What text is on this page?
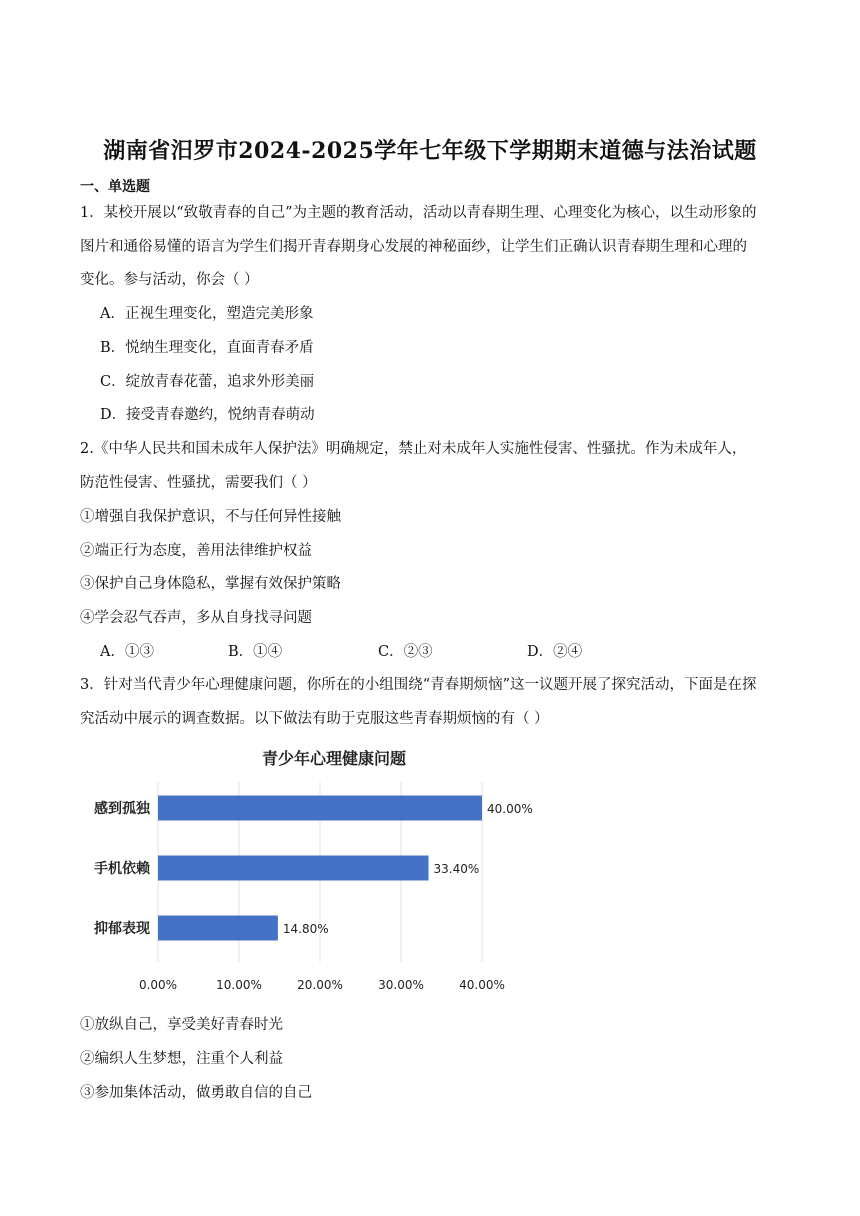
湖南省汨罗市2024-2025学年七年级下学期期末道德与法治试题
一、单选题
1．某校开展以“致敬青春的自己”为主题的教育活动，活动以青春期生理、心理变化为核心，以生动形象的
图片和通俗易懂的语言为学生们揭开青春期身心发展的神秘面纱，让学生们正确认识青春期生理和心理的
变化。参与活动，你会（ ）
A．正视生理变化，塑造完美形象
B．悦纳生理变化，直面青春矛盾
C．绽放青春花蕾，追求外形美丽
D．接受青春邀约，悦纳青春萌动
2.《中华人民共和国未成年人保护法》明确规定，禁止对未成年人实施性侵害、性骚扰。作为未成年人，
防范性侵害、性骚扰，需要我们（ ）
①增强自我保护意识，不与任何异性接触
②端正行为态度，善用法律维护权益
③保护自己身体隐私，掌握有效保护策略
④学会忍气吞声，多从自身找寻问题
A．①③	B．①④	C．②③	D．②④
3．针对当代青少年心理健康问题，你所在的小组围绕“青春期烦恼”这一议题开展了探究活动，下面是在探
究活动中展示的调查数据。以下做法有助于克服这些青春期烦恼的有（ ）
青少年心理健康问题
0.00%	10.00%	20.00%	30.00%	40.00%
感到孤独	40.00%
手机依赖	33.40%
抑郁表现	14.80%
①放纵自己，享受美好青春时光
②编织人生梦想，注重个人利益
③参加集体活动，做勇敢自信的自己
